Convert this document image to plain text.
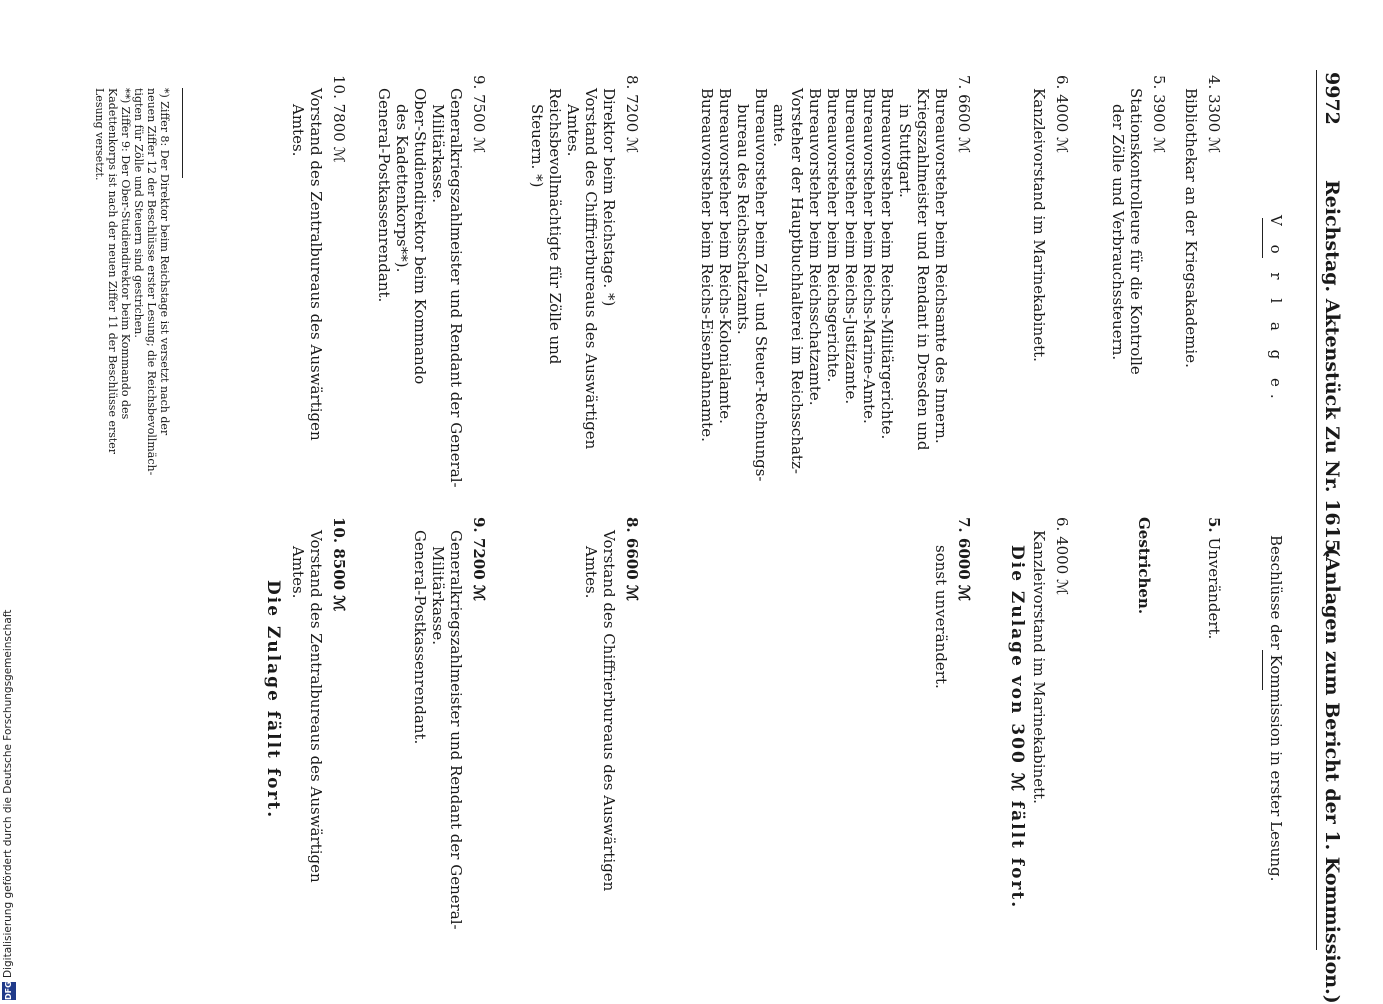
9972
Reichstag. Aktenstück Zu Nr. 1615.
(Anlagen zum Bericht der 1. Kommission.)
V o r l a g e.
Beschlüsse der Kommission in erster Lesung.
4. 3300 ℳ
Bibliothekar an der Kriegsakademie.
5. 3900 ℳ
Stationskontrolleure für die Kontrolle
der Zölle und Verbrauchssteuern.
6. 4000 ℳ
Kanzleivorstand im Marinekabinett.
7. 6600 ℳ
Bureauvorsteher beim Reichsamte des Innern.
Kriegszahlmeister und Rendant in Dresden und
in Stuttgart.
Bureauvorsteher beim Reichs-Militärgerichte.
Bureauvorsteher beim Reichs-Marine-Amte.
Bureauvorsteher beim Reichs-Justizamte.
Bureauvorsteher beim Reichsgerichte.
Bureauvorsteher beim Reichsschatzamte.
Vorsteher der Hauptbuchhalterei im Reichsschatz-
amte.
Bureauvorsteher beim Zoll- und Steuer-Rechnungs-
bureau des Reichsschatzamts.
Bureauvorsteher beim Reichs-Kolonialamte.
Bureauvorsteher beim Reichs-Eisenbahnamte.
8. 7200 ℳ
Direktor beim Reichstage. *)
Vorstand des Chiffrierbureaus des Auswärtigen
Amtes.
Reichsbevollmächtigte für Zölle und
Steuern. *)
9. 7500 ℳ
Generalkriegszahlmeister und Rendant der General-
Militärkasse.
Ober-Studiendirektor beim Kommando
des Kadettenkorps**).
General-Postkassenrendant.
10. 7800 ℳ
Vorstand des Zentralbureaus des Auswärtigen
Amtes.
*) Ziffer 8: Der Direktor beim Reichstage ist versetzt nach der
neuen Ziffer 12 der Beschlüsse erster Lesung; die Reichsbevollmäch-
tigten für Zölle und Steuern sind gestrichen.
**) Ziffer 9: Der Ober-Studiendirektor beim Kommando des
Kadettenkorps ist nach der neuen Ziffer 11 der Beschlüsse erster
Lesung versetzt.
5. Unverändert.
Gestrichen.
6. 4000 ℳ
Kanzleivorstand im Marinekabinett.
Die Zulage von 300 ℳ fällt fort.
7. 6000 ℳ
sonst unverändert.
8. 6600 ℳ
Vorstand des Chiffrierbureaus des Auswärtigen
Amtes.
9. 7200 ℳ
Generalkriegszahlmeister und Rendant der General-
Militärkasse.
General-Postkassenrendant.
10. 8500 ℳ
Vorstand des Zentralbureaus des Auswärtigen
Amtes.
Die Zulage fällt fort.
DFG
Digitalisierung gefördert durch die Deutsche Forschungsgemeinschaft
